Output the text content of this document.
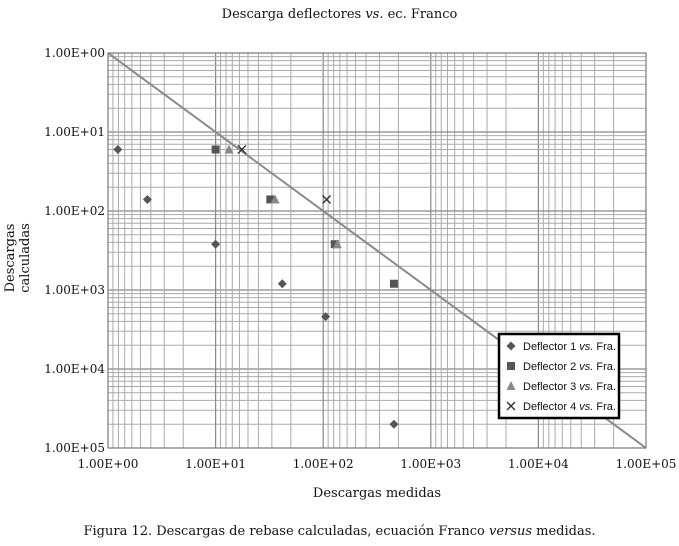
Descarga deflectores vs. ec. Franco
1.00E+05
1.00E+04
1.00E+03
1.00E+02
1.00E+01
1.00E+00
1.00E+00
1.00E+01
1.00E+02
1.00E+03
1.00E+04
1.00E+05
Deflector 1 vs. Fra.
Deflector 2 vs. Fra.
Deflector 3 vs. Fra.
Deflector 4 vs. Fra.
Descargas medidas
Descargas calculadas
Figura 12. Descargas de rebase calculadas, ecuación Franco versus medidas.
